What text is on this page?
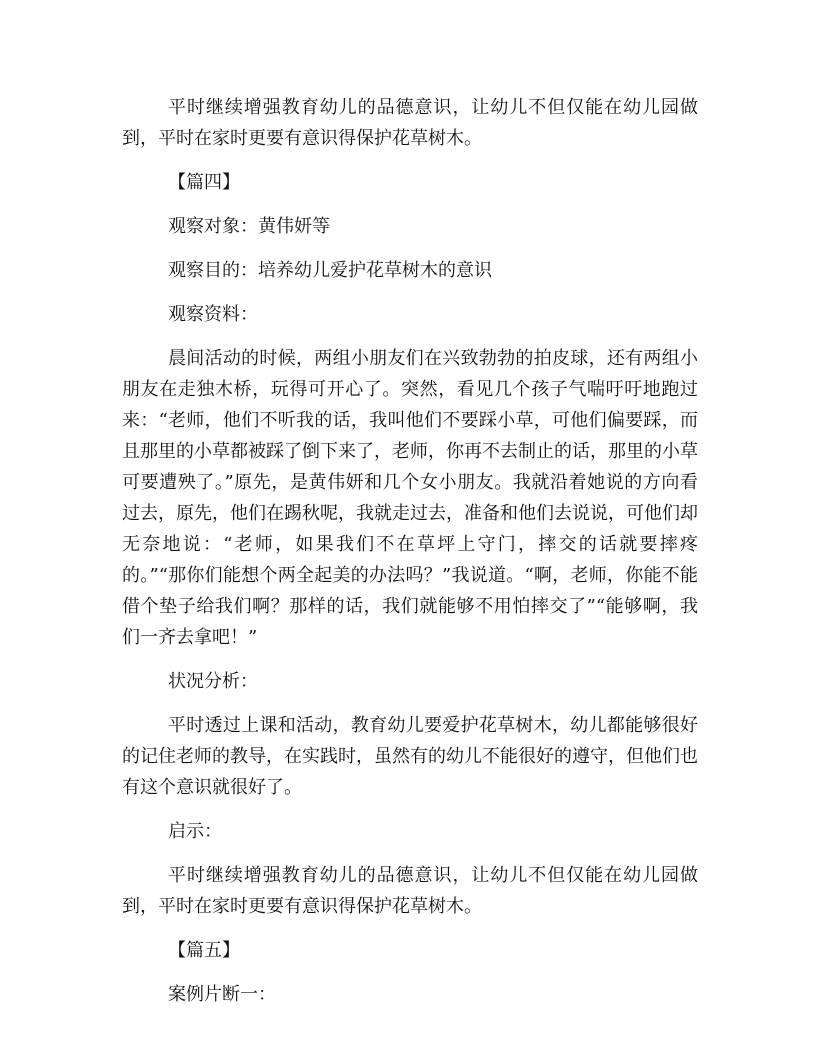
平时继续增强教育幼儿的品德意识，让幼儿不但仅能在幼儿园做到，平时在家时更要有意识得保护花草树木。

【篇四】

观察对象：黄伟妍等

观察目的：培养幼儿爱护花草树木的意识

观察资料：

晨间活动的时候，两组小朋友们在兴致勃勃的拍皮球，还有两组小朋友在走独木桥，玩得可开心了。突然，看见几个孩子气喘吁吁地跑过来：“老师，他们不听我的话，我叫他们不要踩小草，可他们偏要踩，而且那里的小草都被踩了倒下来了，老师，你再不去制止的话，那里的小草可要遭殃了。”原先，是黄伟妍和几个女小朋友。我就沿着她说的方向看过去，原先，他们在踢秋呢，我就走过去，准备和他们去说说，可他们却无奈地说：“老师，如果我们不在草坪上守门，摔交的话就要摔疼的。”“那你们能想个两全起美的办法吗？”我说道。“啊，老师，你能不能借个垫子给我们啊？那样的话，我们就能够不用怕摔交了”“能够啊，我们一齐去拿吧！”

状况分析：

平时透过上课和活动，教育幼儿要爱护花草树木，幼儿都能够很好的记住老师的教导，在实践时，虽然有的幼儿不能很好的遵守，但他们也有这个意识就很好了。

启示：

平时继续增强教育幼儿的品德意识，让幼儿不但仅能在幼儿园做到，平时在家时更要有意识得保护花草树木。

【篇五】

案例片断一：
